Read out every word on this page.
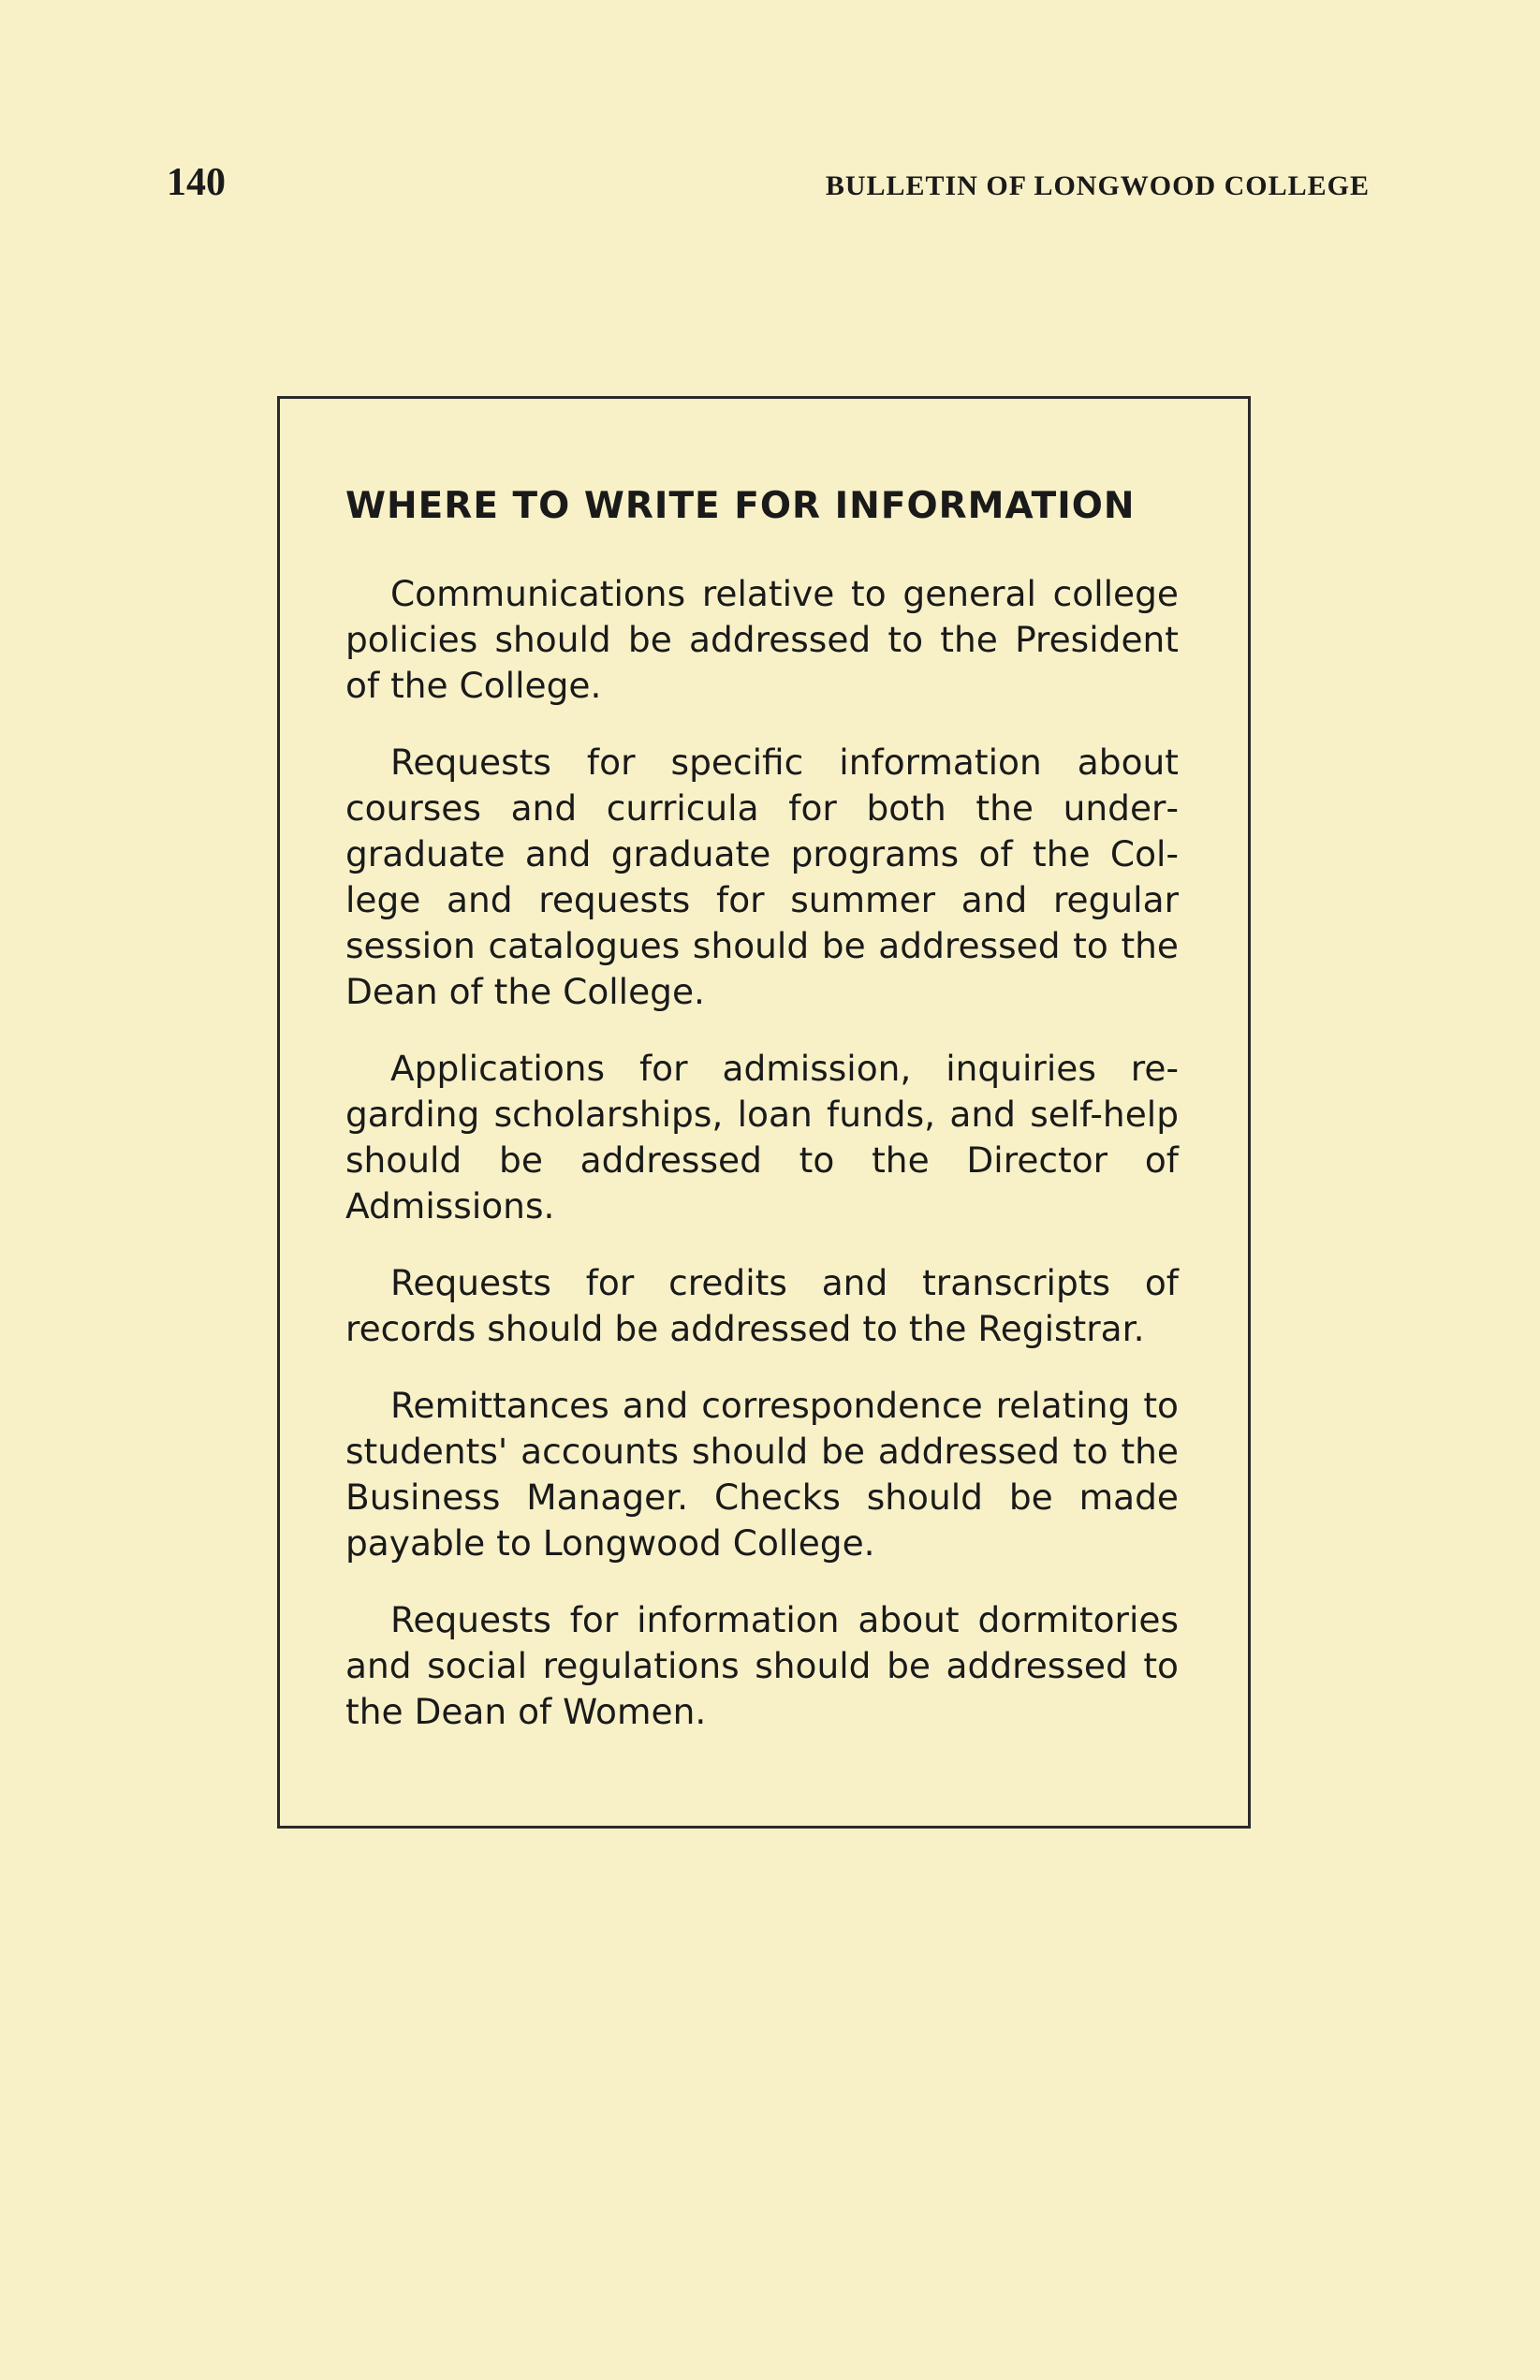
140	BULLETIN OF LONGWOOD COLLEGE
WHERE TO WRITE FOR INFORMATION

Communications relative to general college policies should be addressed to the President of the College.

Requests for specific information about courses and curricula for both the undergraduate and graduate programs of the College and requests for summer and regular session catalogues should be addressed to the Dean of the College.

Applications for admission, inquiries regarding scholarships, loan funds, and self-help should be addressed to the Director of Admissions.

Requests for credits and transcripts of records should be addressed to the Registrar.

Remittances and correspondence relating to students' accounts should be addressed to the Business Manager. Checks should be made payable to Longwood College.

Requests for information about dormitories and social regulations should be addressed to the Dean of Women.
